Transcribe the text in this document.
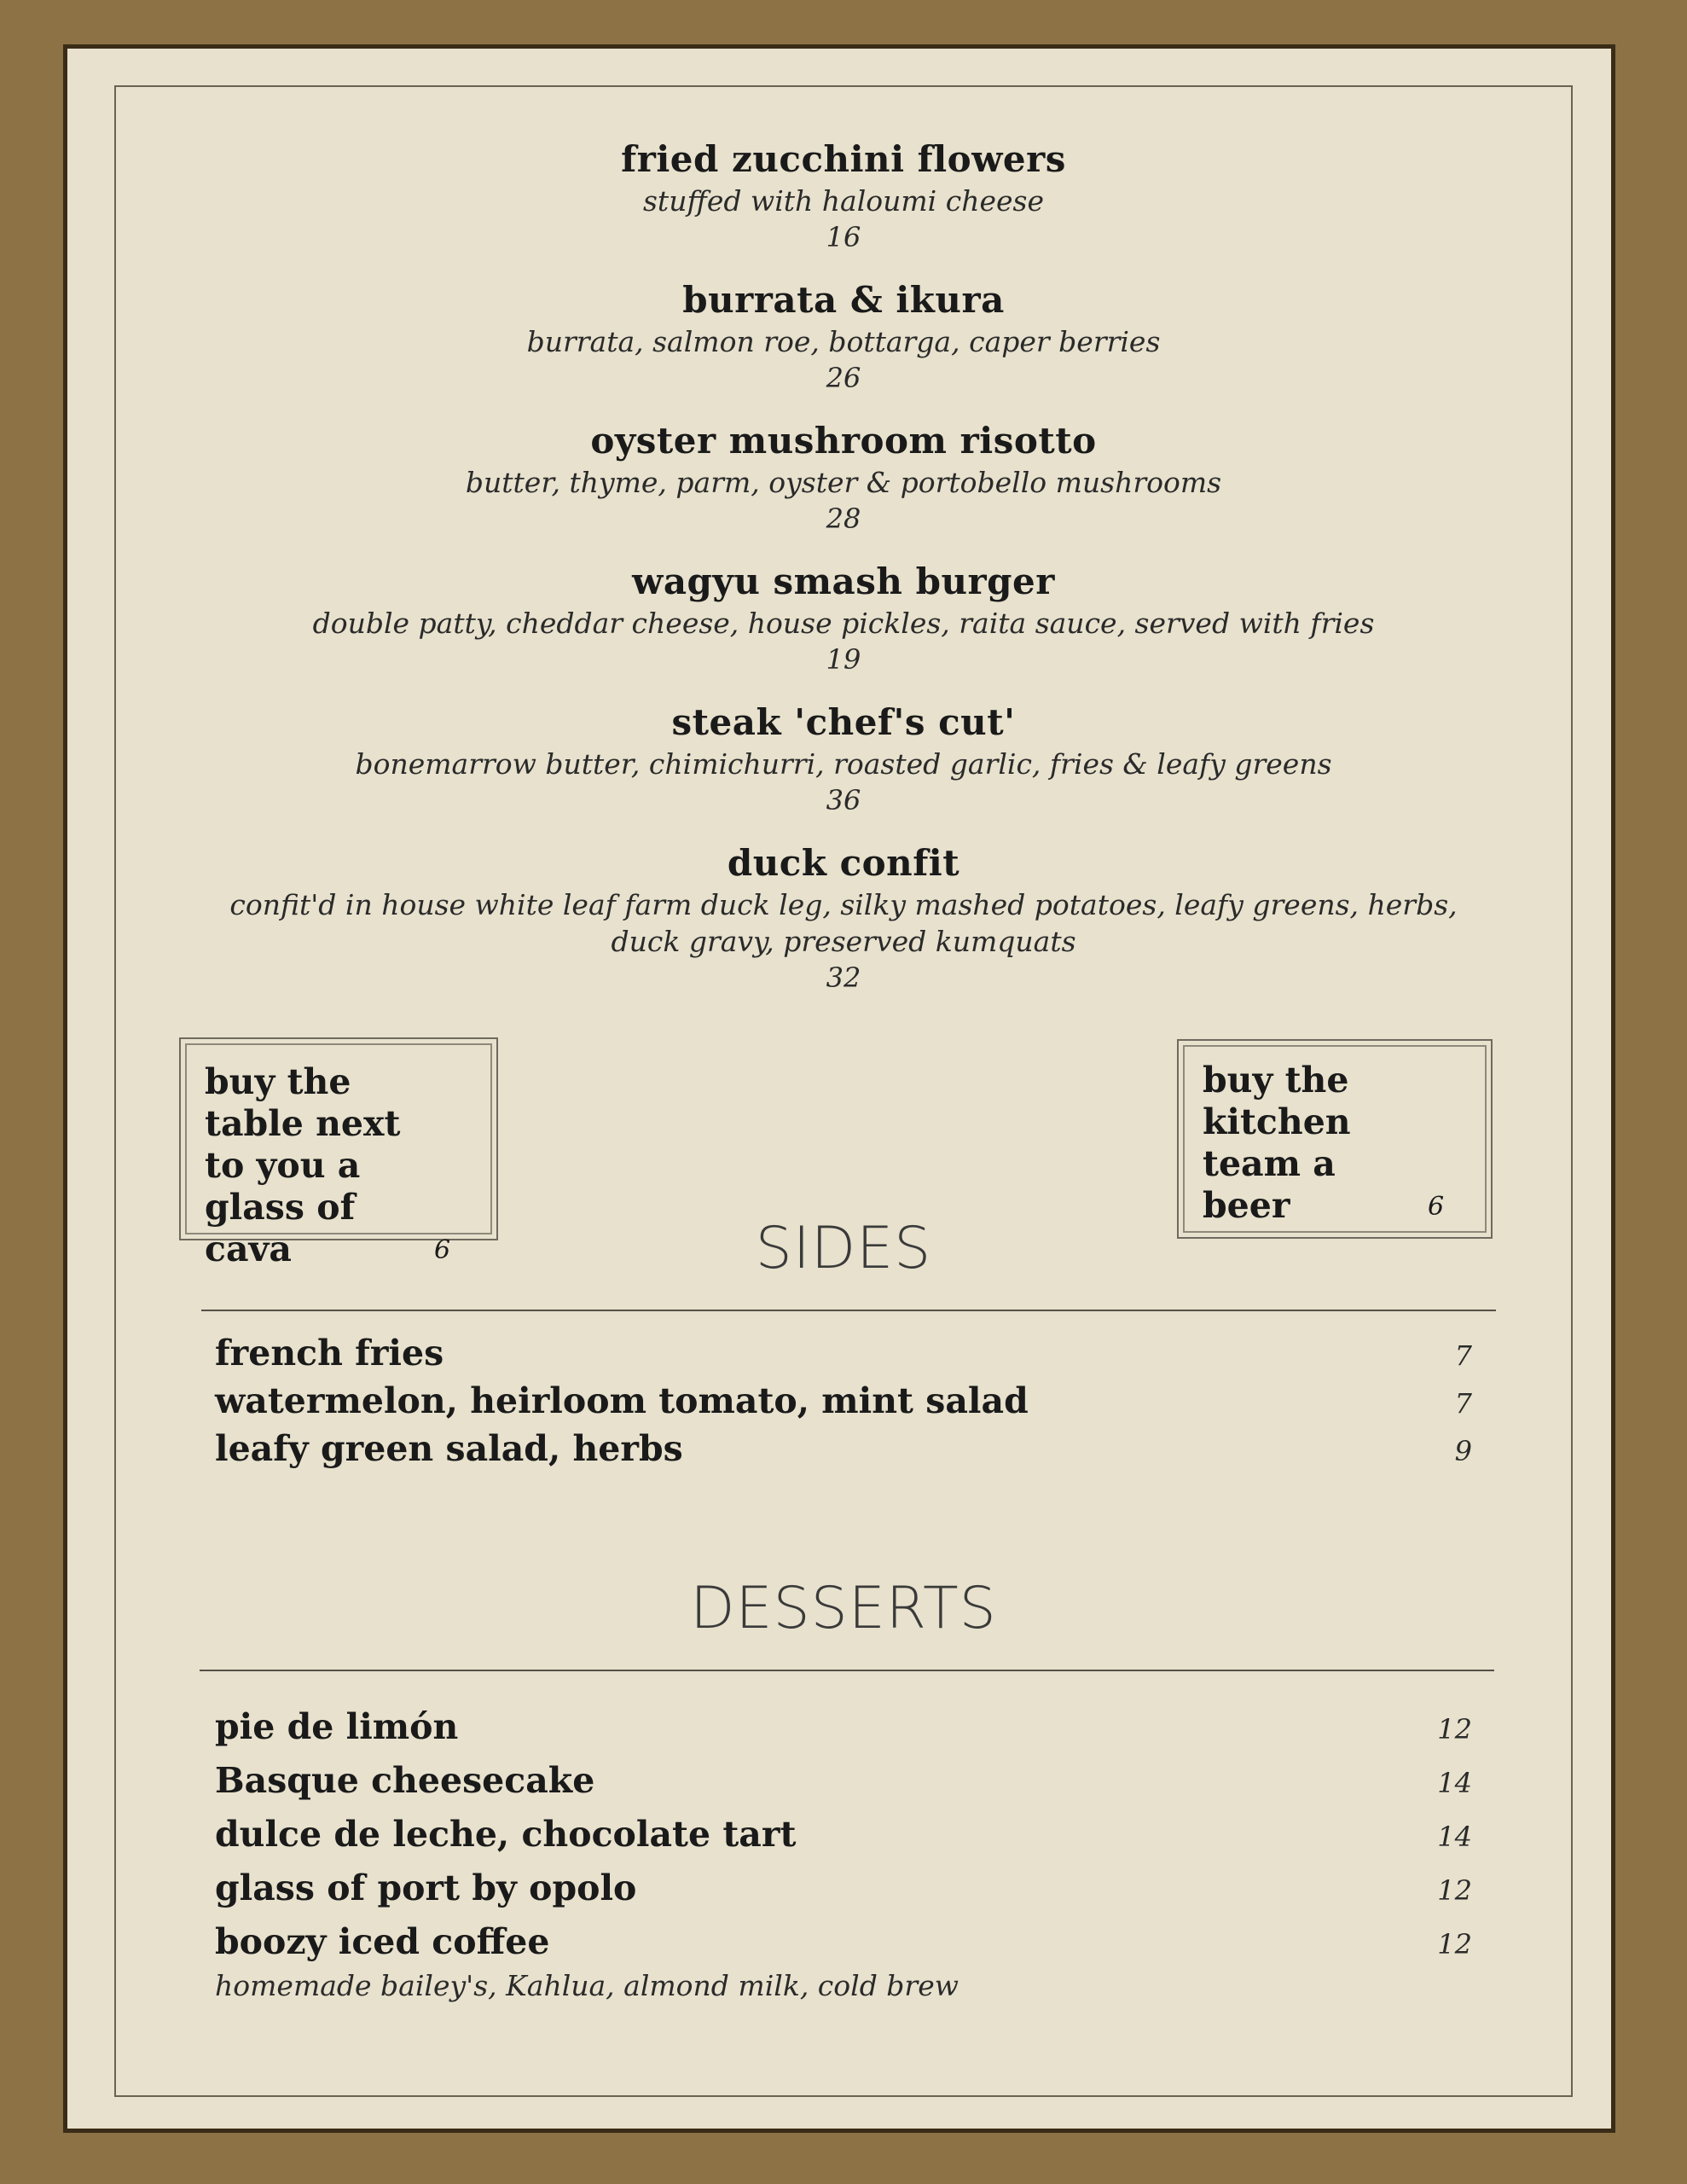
fried zucchini flowers
stuffed with haloumi cheese
16
burrata & ikura
burrata, salmon roe, bottarga, caper berries
26
oyster mushroom risotto
butter, thyme, parm, oyster & portobello mushrooms
28
wagyu smash burger
double patty, cheddar cheese, house pickles, raita sauce, served with fries
19
steak 'chef's cut'
bonemarrow butter, chimichurri, roasted garlic, fries & leafy greens
36
duck confit
confit'd in house white leaf farm duck leg, silky mashed potatoes, leafy greens, herbs, duck gravy, preserved kumquats
32
buy the table next to you a glass of cava	6
buy the kitchen team a beer	6
SIDES
french fries	7
watermelon, heirloom tomato, mint salad	7
leafy green salad, herbs	9
DESSERTS
pie de limón	12
Basque cheesecake	14
dulce de leche, chocolate tart	14
glass of port by opolo	12
boozy iced coffee	12
homemade bailey's, Kahlua, almond milk, cold brew
